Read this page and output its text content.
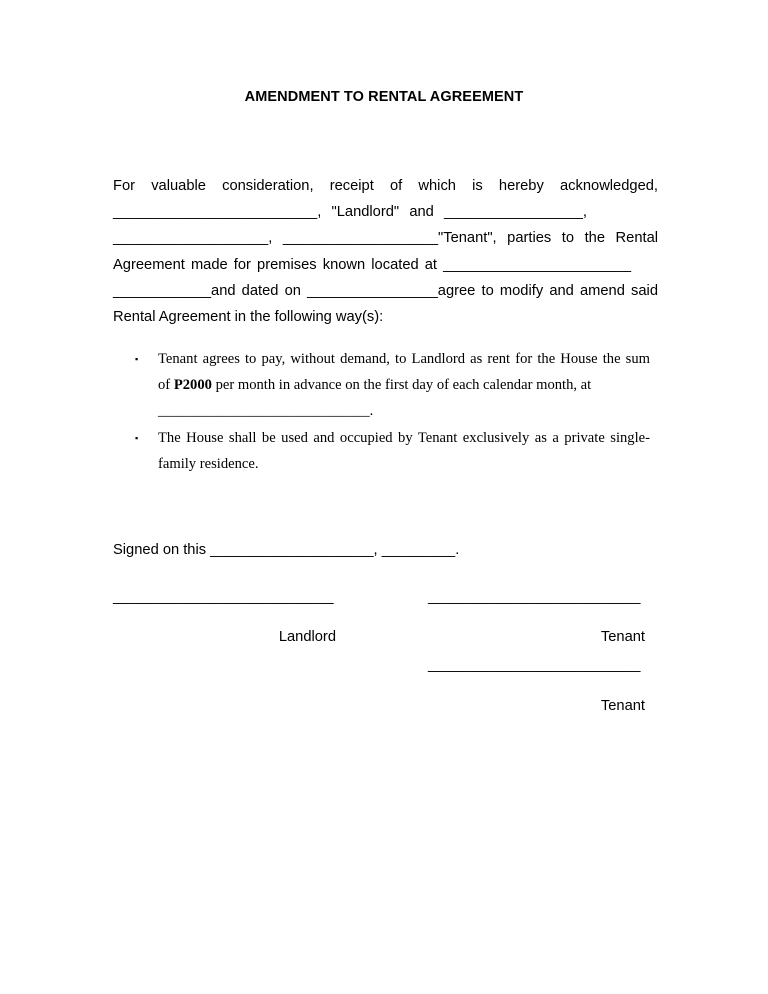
AMENDMENT TO RENTAL AGREEMENT
For valuable consideration, receipt of which is hereby acknowledged,
_________________________, "Landlord" and _________________,
___________________, ___________________"Tenant", parties to the Rental
Agreement made for premises known located at _______________________
____________and dated on ________________agree to modify and amend said
Rental Agreement in the following way(s):
▪ Tenant agrees to pay, without demand, to Landlord as rent for the House the sum
of P2000 per month in advance on the first day of each calendar month, at
_____________________________.
▪ The House shall be used and occupied by Tenant exclusively as a private single-
family residence.
Signed on this ____________________, _________.
___________________________	__________________________
Landlord	Tenant
__________________________
Tenant
